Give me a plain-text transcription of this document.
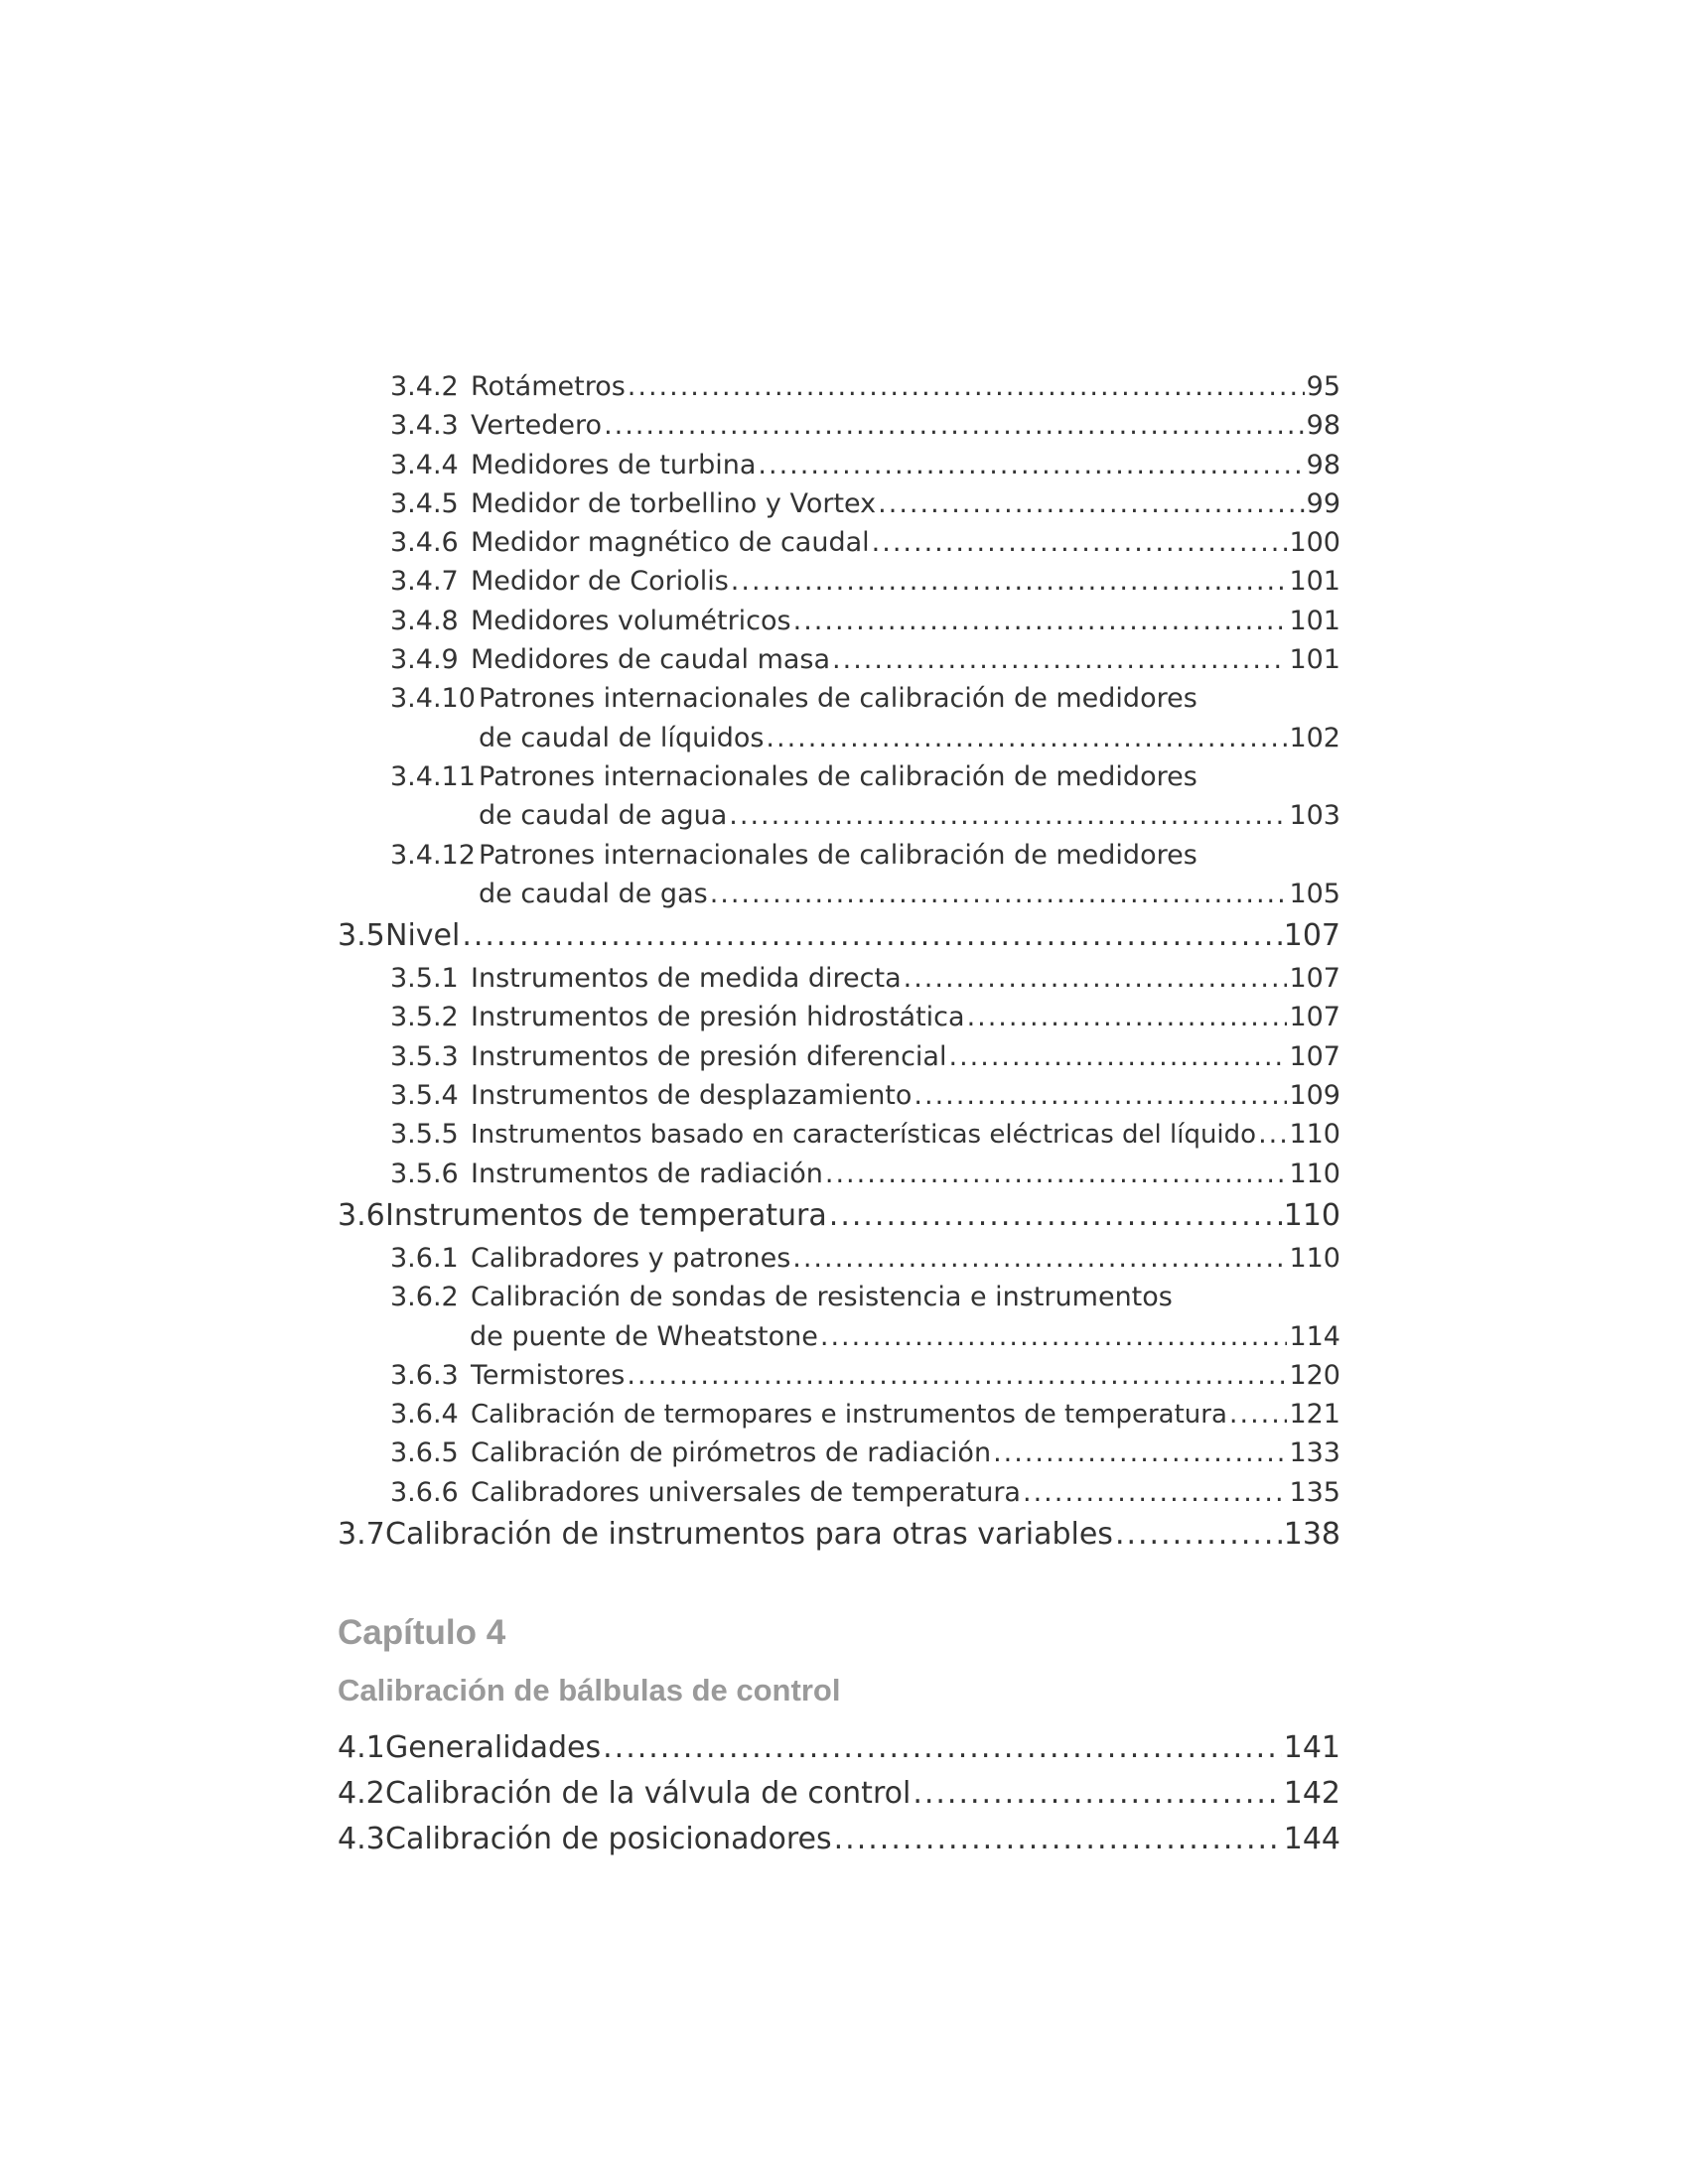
3.4.2 Rotámetros .....	95
3.4.3 Vertedero .....	98
3.4.4 Medidores de turbina .....	98
3.4.5 Medidor de torbellino y Vortex .....	99
3.4.6 Medidor magnético de caudal .....	100
3.4.7 Medidor de Coriolis .....	101
3.4.8 Medidores volumétricos .....	101
3.4.9 Medidores de caudal masa .....	101
3.4.10 Patrones internacionales de calibración de medidores
de caudal de líquidos .....	102
3.4.11 Patrones internacionales de calibración de medidores
de caudal de agua .....	103
3.4.12 Patrones internacionales de calibración de medidores
de caudal de gas .....	105
3.5 Nivel .....	107
3.5.1 Instrumentos de medida directa .....	107
3.5.2 Instrumentos de presión hidrostática .....	107
3.5.3 Instrumentos de presión diferencial .....	107
3.5.4 Instrumentos de desplazamiento .....	109
3.5.5 Instrumentos basado en características eléctricas del líquido ..... 110
3.5.6 Instrumentos de radiación .....	110
3.6 Instrumentos de temperatura .....	110
3.6.1 Calibradores y patrones .....	110
3.6.2 Calibración de sondas de resistencia e instrumentos
de puente de Wheatstone .....	114
3.6.3 Termistores .....	120
3.6.4 Calibración de termopares e instrumentos de temperatura ..... 121
3.6.5 Calibración de pirómetros de radiación .....	133
3.6.6 Calibradores universales de temperatura .....	135
3.7 Calibración de instrumentos para otras variables .....	138
Capítulo 4
Calibración de bálbulas de control
4.1 Generalidades .....	141
4.2 Calibración de la válvula de control .....	142
4.3 Calibración de posicionadores .....	144
